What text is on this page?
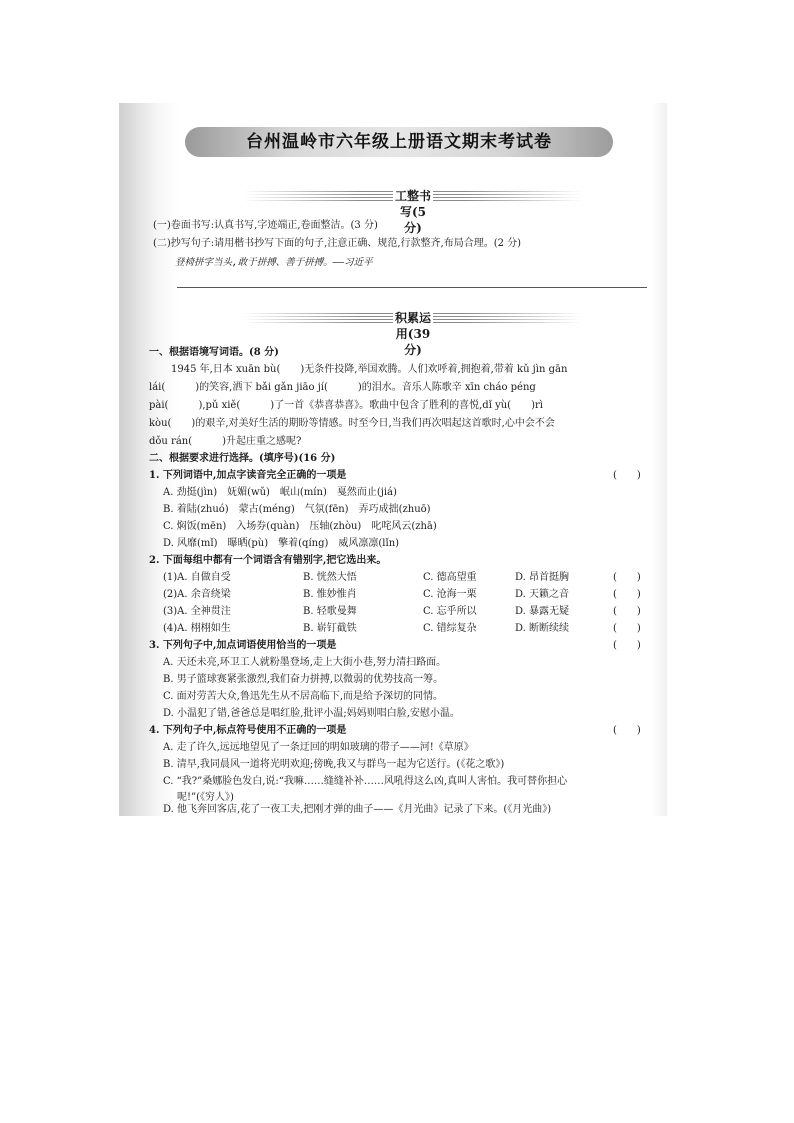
台州温岭市六年级上册语文期末考试卷
工整书写(5 分)
(一)卷面书写:认真书写,字迹端正,卷面整洁。(3 分)
(二)抄写句子:请用楷书抄写下面的句子,注意正确、规范,行款整齐,布局合理。(2 分)
登椅拼字当头,敢于拼搏、善于拼搏。——习近平
积累运用(39 分)
一、根据语境写词语。(8 分)
1945 年,日本 xuān bù(　　)无条件投降,举国欢腾。人们欢呼着,拥抱着,带着 kǔ jìn gān
lái(　　　)的笑容,洒下 bǎi gǎn jiāo jí(　　　)的泪水。音乐人陈歌辛 xīn cháo péng
pài(　　　),pǔ xiě(　　　)了一首《恭喜恭喜》。歌曲中包含了胜利的喜悦,dǐ yù(　　)rì
kòu(　　)的艰辛,对美好生活的期盼等情感。时至今日,当我们再次唱起这首歌时,心中会不会
dǒu rán(　　　)升起庄重之感呢?
二、根据要求进行选择。(填序号)(16 分)
1. 下列词语中,加点字读音完全正确的一项是	(　　)
A. 劲挺(jìn)　妩媚(wǔ)　岷山(mín)　戛然而止(jiá)
B. 着陆(zhuó)　蒙古(méng)　气氛(fēn)　弄巧成拙(zhuō)
C. 焖饭(mēn)　入场券(quàn)　压轴(zhòu)　叱咤风云(zhā)
D. 风靡(mǐ)　曝晒(pù)　擎着(qíng)　威风凛凛(lǐn)
2. 下面每组中都有一个词语含有错别字,把它选出来。
(1)A. 自做自受	B. 恍然大悟	C. 德高望重	D. 昂首挺胸	(　　)
(2)A. 余音绕梁	B. 惟妙惟肖	C. 沧海一栗	D. 天籁之音	(　　)
(3)A. 全神贯注	B. 轻歌曼舞	C. 忘乎所以	D. 暴露无疑	(　　)
(4)A. 栩栩如生	B. 崭钉截铁	C. 错综复杂	D. 断断续续	(　　)
3. 下列句子中,加点词语使用恰当的一项是	(　　)
A. 天还未亮,环卫工人就粉墨登场,走上大街小巷,努力清扫路面。
B. 男子篮球赛紧张激烈,我们奋力拼搏,以微弱的优势技高一筹。
C. 面对劳苦大众,鲁迅先生从不居高临下,而是给予深切的同情。
D. 小温犯了错,爸爸总是唱红脸,批评小温;妈妈则唱白脸,安慰小温。
4. 下列句子中,标点符号使用不正确的一项是	(　　)
A. 走了许久,远远地望见了一条迂回的明如玻璃的带子——河!《草原》
B. 清早,我同晨风一道将光明欢迎;傍晚,我又与群鸟一起为它送行。(《花之歌》)
C. “我?”桑娜脸色发白,说:“我嘛……缝缝补补……风吼得这么凶,真叫人害怕。我可替你担心
呢!”(《穷人》)
D. 他飞奔回客店,花了一夜工夫,把刚才弹的曲子——《月光曲》记录了下来。(《月光曲》)
